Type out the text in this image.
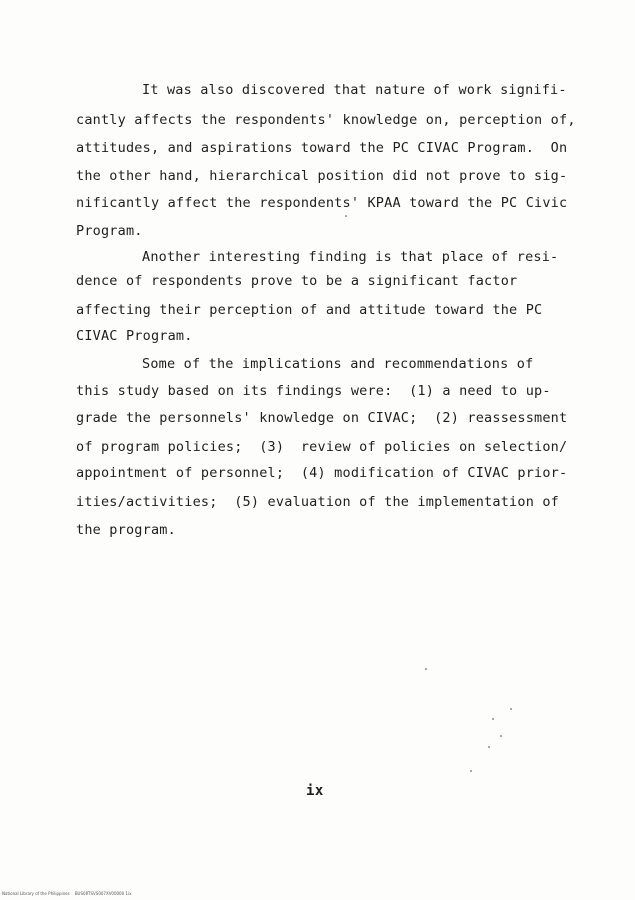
It was also discovered that nature of work signifi-
cantly affects the respondents' knowledge on, perception of,
attitudes, and aspirations toward the PC CIVAC Program.  On
the other hand, hierarchical position did not prove to sig-
nificantly affect the respondents' KPAA toward the PC Civic
Program.
Another interesting finding is that place of resi-
dence of respondents prove to be a significant factor
affecting their perception of and attitude toward the PC
CIVAC Program.
Some of the implications and recommendations of
this study based on its findings were:  (1) a need to up-
grade the personnels' knowledge on CIVAC;  (2) reassessment
of program policies;  (3)  review of policies on selection/
appointment of personnel;  (4) modification of CIVAC prior-
ities/activities;  (5) evaluation of the implementation of
the program.
ix
National Library of the Philippines BUS0RTSVS007XV00000 1ix
